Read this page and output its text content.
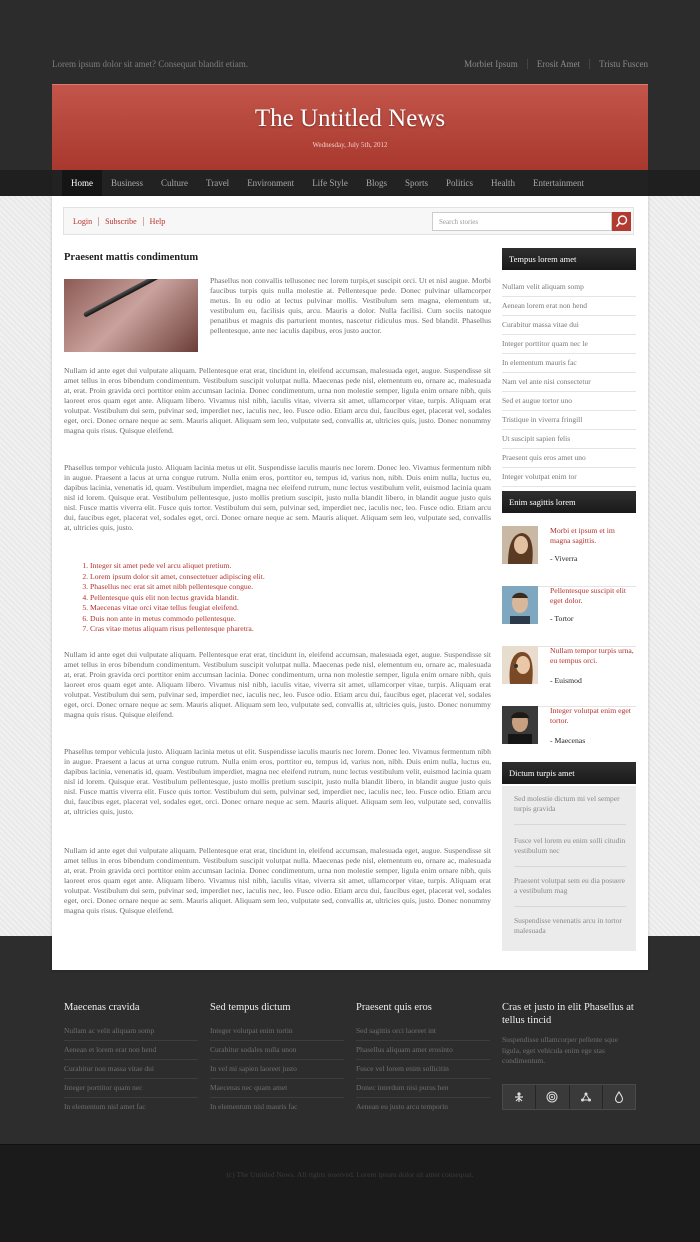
Lorem ipsum dolor sit amet? Consequat blandit etiam.	Morbiet Ipsum	Erosit Amet	Tristu Fuscen
The Untitled News
Wednesday, July 5th, 2012
Home	Business	Culture	Travel	Environment	Life Style	Blogs	Sports	Politics	Health	Entertainment
Login	Subscribe	Help	Search stories
Praesent mattis condimentum

Phasellus non convallis tellusonec nec lorem turpis,et suscipit orci. Ut et nisl augue. Morbi faucibus turpis quis nulla molestie at. Pellentesque pede. Donec pulvinar ullamcorper metus. In eu odio at lectus pulvinar mollis. Vestibulum sem magna, elementum ut, vestibulum eu, facilisis quis, arcu. Mauris a dolor. Nulla facilisi. Cum sociis natoque penatibus et magnis dis parturient montes, nascetur ridiculus mus. Sed blandit. Phasellus pellentesque, ante nec iaculis dapibus, eros justo auctor.

Nullam id ante eget dui vulputate aliquam. Pellentesque erat erat, tincidunt in, eleifend accumsan, malesuada eget, augue. Suspendisse sit amet tellus in eros bibendum condimentum. Vestibulum suscipit volutpat nulla. Maecenas pede nisl, elementum eu, ornare ac, malesuada at, erat. Proin gravida orci porttitor enim accumsan lacinia. Donec condimentum, urna non molestie semper, ligula enim ornare nibh, quis laoreet eros quam eget ante. Aliquam libero. Vivamus nisl nibh, iaculis vitae, viverra sit amet, ullamcorper vitae, turpis. Aliquam erat volutpat. Vestibulum dui sem, pulvinar sed, imperdiet nec, iaculis nec, leo. Fusce odio. Etiam arcu dui, faucibus eget, placerat vel, sodales eget, orci. Donec ornare neque ac sem. Mauris aliquet. Aliquam sem leo, vulputate sed, convallis at, ultricies quis, justo. Donec nonummy magna quis risus. Quisque eleifend.

Phasellus tempor vehicula justo. Aliquam lacinia metus ut elit. Suspendisse iaculis mauris nec lorem. Donec leo. Vivamus fermentum nibh in augue. Praesent a lacus at urna congue rutrum. Nulla enim eros, porttitor eu, tempus id, varius non, nibh. Duis enim nulla, luctus eu, dapibus lacinia, venenatis id, quam. Vestibulum imperdiet, magna nec eleifend rutrum, nunc lectus vestibulum velit, euismod lacinia quam nisl id lorem. Quisque erat. Vestibulum pellentesque, justo mollis pretium suscipit, justo nulla blandit libero, in blandit augue justo quis nisl. Fusce mattis viverra elit. Fusce quis tortor. Vestibulum dui sem, pulvinar sed, imperdiet nec, iaculis nec, leo. Fusce odio. Etiam arcu dui, faucibus eget, placerat vel, sodales eget, orci. Donec ornare neque ac sem. Mauris aliquet. Aliquam sem leo, vulputate sed, convallis at, ultricies quis, justo.

1. Integer sit amet pede vel arcu aliquet pretium.
2. Lorem ipsum dolor sit amet, consectetuer adipiscing elit.
3. Phasellus nec erat sit amet nibh pellentesque congue.
4. Pellentesque quis elit non lectus gravida blandit.
5. Maecenas vitae orci vitae tellus feugiat eleifend.
6. Duis non ante in metus commodo pellentesque.
7. Cras vitae metus aliquam risus pellentesque pharetra.

Nullam id ante eget dui vulputate aliquam. Pellentesque erat erat, tincidunt in, eleifend accumsan, malesuada eget, augue. Suspendisse sit amet tellus in eros bibendum condimentum. Vestibulum suscipit volutpat nulla. Maecenas pede nisl, elementum eu, ornare ac, malesuada at, erat. Proin gravida orci porttitor enim accumsan lacinia. Donec condimentum, urna non molestie semper, ligula enim ornare nibh, quis laoreet eros quam eget ante. Aliquam libero. Vivamus nisl nibh, iaculis vitae, viverra sit amet, ullamcorper vitae, turpis. Aliquam erat volutpat. Vestibulum dui sem, pulvinar sed, imperdiet nec, iaculis nec, leo. Fusce odio. Etiam arcu dui, faucibus eget, placerat vel, sodales eget, orci. Donec ornare neque ac sem. Mauris aliquet. Aliquam sem leo, vulputate sed, convallis at, ultricies quis, justo. Donec nonummy magna quis risus. Quisque eleifend.

Phasellus tempor vehicula justo. Aliquam lacinia metus ut elit. Suspendisse iaculis mauris nec lorem. Donec leo. Vivamus fermentum nibh in augue. Praesent a lacus at urna congue rutrum. Nulla enim eros, porttitor eu, tempus id, varius non, nibh. Duis enim nulla, luctus eu, dapibus lacinia, venenatis id, quam. Vestibulum imperdiet, magna nec eleifend rutrum, nunc lectus vestibulum velit, euismod lacinia quam nisl id lorem. Quisque erat. Vestibulum pellentesque, justo mollis pretium suscipit, justo nulla blandit libero, in blandit augue justo quis nisl. Fusce mattis viverra elit. Fusce quis tortor. Vestibulum dui sem, pulvinar sed, imperdiet nec, iaculis nec, leo. Fusce odio. Etiam arcu dui, faucibus eget, placerat vel, sodales eget, orci. Donec ornare neque ac sem. Mauris aliquet. Aliquam sem leo, vulputate sed, convallis at, ultricies quis, justo.

Nullam id ante eget dui vulputate aliquam. Pellentesque erat erat, tincidunt in, eleifend accumsan, malesuada eget, augue. Suspendisse sit amet tellus in eros bibendum condimentum. Vestibulum suscipit volutpat nulla. Maecenas pede nisl, elementum eu, ornare ac, malesuada at, erat. Proin gravida orci porttitor enim accumsan lacinia. Donec condimentum, urna non molestie semper, ligula enim ornare nibh, quis laoreet eros quam eget ante. Aliquam libero. Vivamus nisl nibh, iaculis vitae, viverra sit amet, ullamcorper vitae, turpis. Aliquam erat volutpat. Vestibulum dui sem, pulvinar sed, imperdiet nec, iaculis nec, leo. Fusce odio. Etiam arcu dui, faucibus eget, placerat vel, sodales eget, orci. Donec ornare neque ac sem. Mauris aliquet. Aliquam sem leo, vulputate sed, convallis at, ultricies quis, justo. Donec nonummy magna quis risus. Quisque eleifend.

Tempus lorem amet
Nullam velit aliquam somp
Aenean lorem erat non hend
Curabitur massa vitae dui
Integer porttitor quam nec le
In elementum mauris fac
Nam vel ante nisi consectetur
Sed et augue tortor uno
Tristique in viverra fringill
Ut suscipit sapien felis
Praesent quis eros amet uno
Integer volutpat enim tor
Enim sagittis lorem
Morbi et ipsum et im magna sagittis.
- Viverra
Pellentesque suscipit elit eget dolor.
- Tortor
Nullam tempor turpis urna, eu tempus orci.
- Euismod
Integer volutpat enim eget tortor.
- Maecenas
Dictum turpis amet
Sed molestie dictum mi vel semper turpis gravida
Fusce vel lorem eu enim solli citudin vestibulum nec
Praesent volutpat sem eu dia posuere a vestibulum mag
Suspendisse venenatis arcu in tortor malesuada
Maecenas cravida
Nullam ac velit aliquam somp
Aenean et lorem erat non hend
Curabitur non massa vitae dui
Integer porttitor quam nec
In elementum nisl amet fac
Sed tempus dictum
Integer volutpat enim tortin
Curabitur sodales nulla unon
In vel mi sapien laoreet justo
Maecenas nec quam amet
In elementum nisl mauris fac
Praesent quis eros
Sed sagittis orci laoreet int
Phasellus aliquam amet erosinto
Fusce vel lorem enim sollicitin
Donec interdum nisi purus hen
Aenean eu justo arcu temporin
Cras et justo in elit Phasellus at tellus tincid
Suspendisse ullamcorper pellente sque ligula, eget vehicula enim ege stas condimentum.
(c) The Untitled News. All rights reserved. Lorem ipsum dolor sit amet consequat.
